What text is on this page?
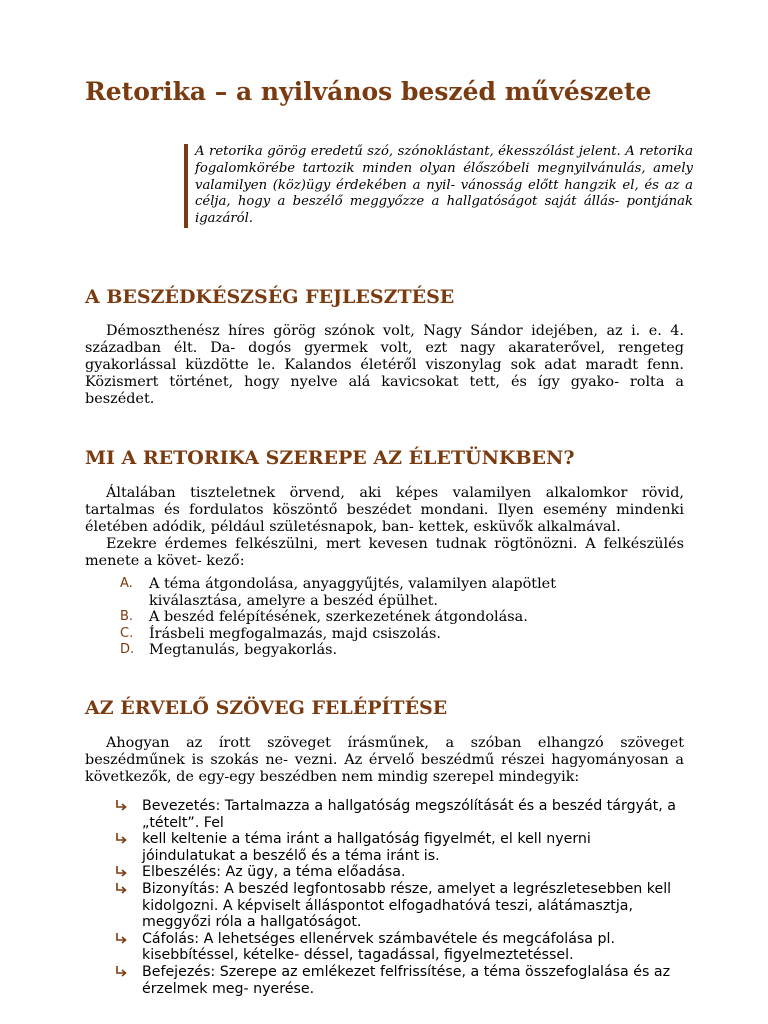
Retorika – a nyilvános beszéd művészete
A retorika görög eredetű szó, szónoklástant, ékesszólást jelent. A retorika fogalomkörébe tartozik minden olyan élőszóbeli megnyilvánulás, amely valamilyen (köz)ügy érdekében a nyil- vánosság előtt hangzik el, és az a célja, hogy a beszélő meggyőzze a hallgatóságot saját állás- pontjának igazáról.
A BESZÉDKÉSZSÉG FEJLESZTÉSE

Démoszthenész híres görög szónok volt, Nagy Sándor idejében, az i. e. 4. században élt. Da- dogós gyermek volt, ezt nagy akaraterővel, rengeteg gyakorlással küzdötte le. Kalandos életéről viszonylag sok adat maradt fenn. Közismert történet, hogy nyelve alá kavicsokat tett, és így gyako- rolta a beszédet.

MI A RETORIKA SZEREPE AZ ÉLETÜNKBEN?

Általában tiszteletnek örvend, aki képes valamilyen alkalomkor rövid, tartalmas és fordulatos köszöntő beszédet mondani. Ilyen esemény mindenki életében adódik, például születésnapok, ban- kettek, esküvők alkalmával.

Ezekre érdemes felkészülni, mert kevesen tudnak rögtönözni. A felkészülés menete a követ- kező:

A. A téma átgondolása, anyaggyűjtés, valamilyen alapötlet kiválasztása, amelyre a beszéd épülhet.
B. A beszéd felépítésének, szerkezetének átgondolása.
C. Írásbeli megfogalmazás, majd csiszolás.
D. Megtanulás, begyakorlás.
AZ ÉRVELŐ SZÖVEG FELÉPÍTÉSE

Ahogyan az írott szöveget írásműnek, a szóban elhangzó szöveget beszédműnek is szokás ne- vezni. Az érvelő beszédmű részei hagyományosan a következők, de egy-egy beszédben nem mindig szerepel mindegyik:

Bevezetés: Tartalmazza a hallgatóság megszólítását és a beszéd tárgyát, a „tételt”. Fel
kell keltenie a téma iránt a hallgatóság figyelmét, el kell nyerni jóindulatukat a beszélő és a téma iránt is.
Elbeszélés: Az ügy, a téma előadása.
Bizonyítás: A beszéd legfontosabb része, amelyet a legrészletesebben kell kidolgozni. A képviselt álláspontot elfogadhatóvá teszi, alátámasztja, meggyőzi róla a hallgatóságot.
Cáfolás: A lehetséges ellenérvek számbavétele és megcáfolása pl. kisebbítéssel, kételke- déssel, tagadással, figyelmeztetéssel.
Befejezés: Szerepe az emlékezet felfrissítése, a téma összefoglalása és az érzelmek meg- nyerése.
